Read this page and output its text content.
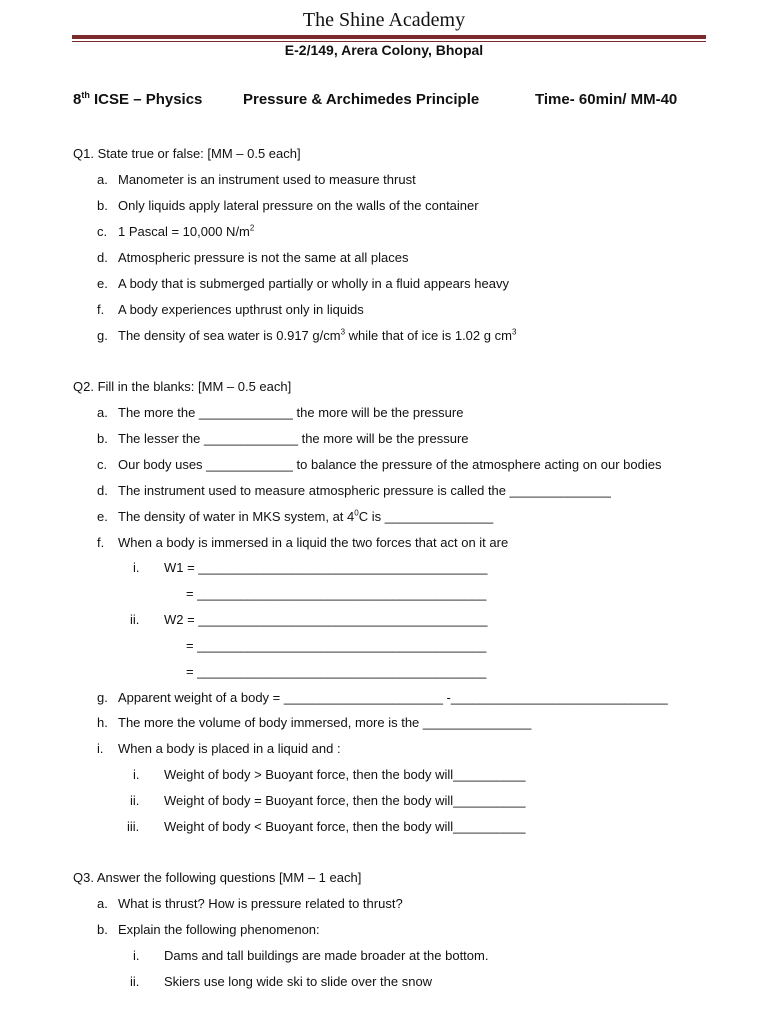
The Shine Academy
E-2/149, Arera Colony, Bhopal
8th ICSE – Physics	Pressure & Archimedes Principle	Time- 60min/ MM-40
Q1. State true or false: [MM – 0.5 each]
a. Manometer is an instrument used to measure thrust
b. Only liquids apply lateral pressure on the walls of the container
c. 1 Pascal = 10,000 $N/m^2$
d. Atmospheric pressure is not the same at all places
e. A body that is submerged partially or wholly in a fluid appears heavy
f. A body experiences upthrust only in liquids
g. The density of sea water is 0.917 $g/cm^3$ while that of ice is 1.02 g $cm^3$
Q2. Fill in the blanks: [MM – 0.5 each]
a. The more the _____________ the more will be the pressure
b. The lesser the _____________ the more will be the pressure
c. Our body uses ____________ to balance the pressure of the atmosphere acting on our bodies
d. The instrument used to measure atmospheric pressure is called the ______________
e. The density of water in MKS system, at $4^0C$ is _______________
f. When a body is immersed in a liquid the two forces that act on it are
i. W1 = ________________________________________
= ________________________________________
ii. W2 = ________________________________________
= ________________________________________
= ________________________________________
g. Apparent weight of a body = ______________________ -______________________________
h. The more the volume of body immersed, more is the _______________
i. When a body is placed in a liquid and :
i. Weight of body > Buoyant force, then the body will__________
ii. Weight of body = Buoyant force, then the body will__________
iii. Weight of body < Buoyant force, then the body will__________
Q3. Answer the following questions [MM – 1 each]
a. What is thrust? How is pressure related to thrust?
b. Explain the following phenomenon:
i. Dams and tall buildings are made broader at the bottom.
ii. Skiers use long wide ski to slide over the snow
